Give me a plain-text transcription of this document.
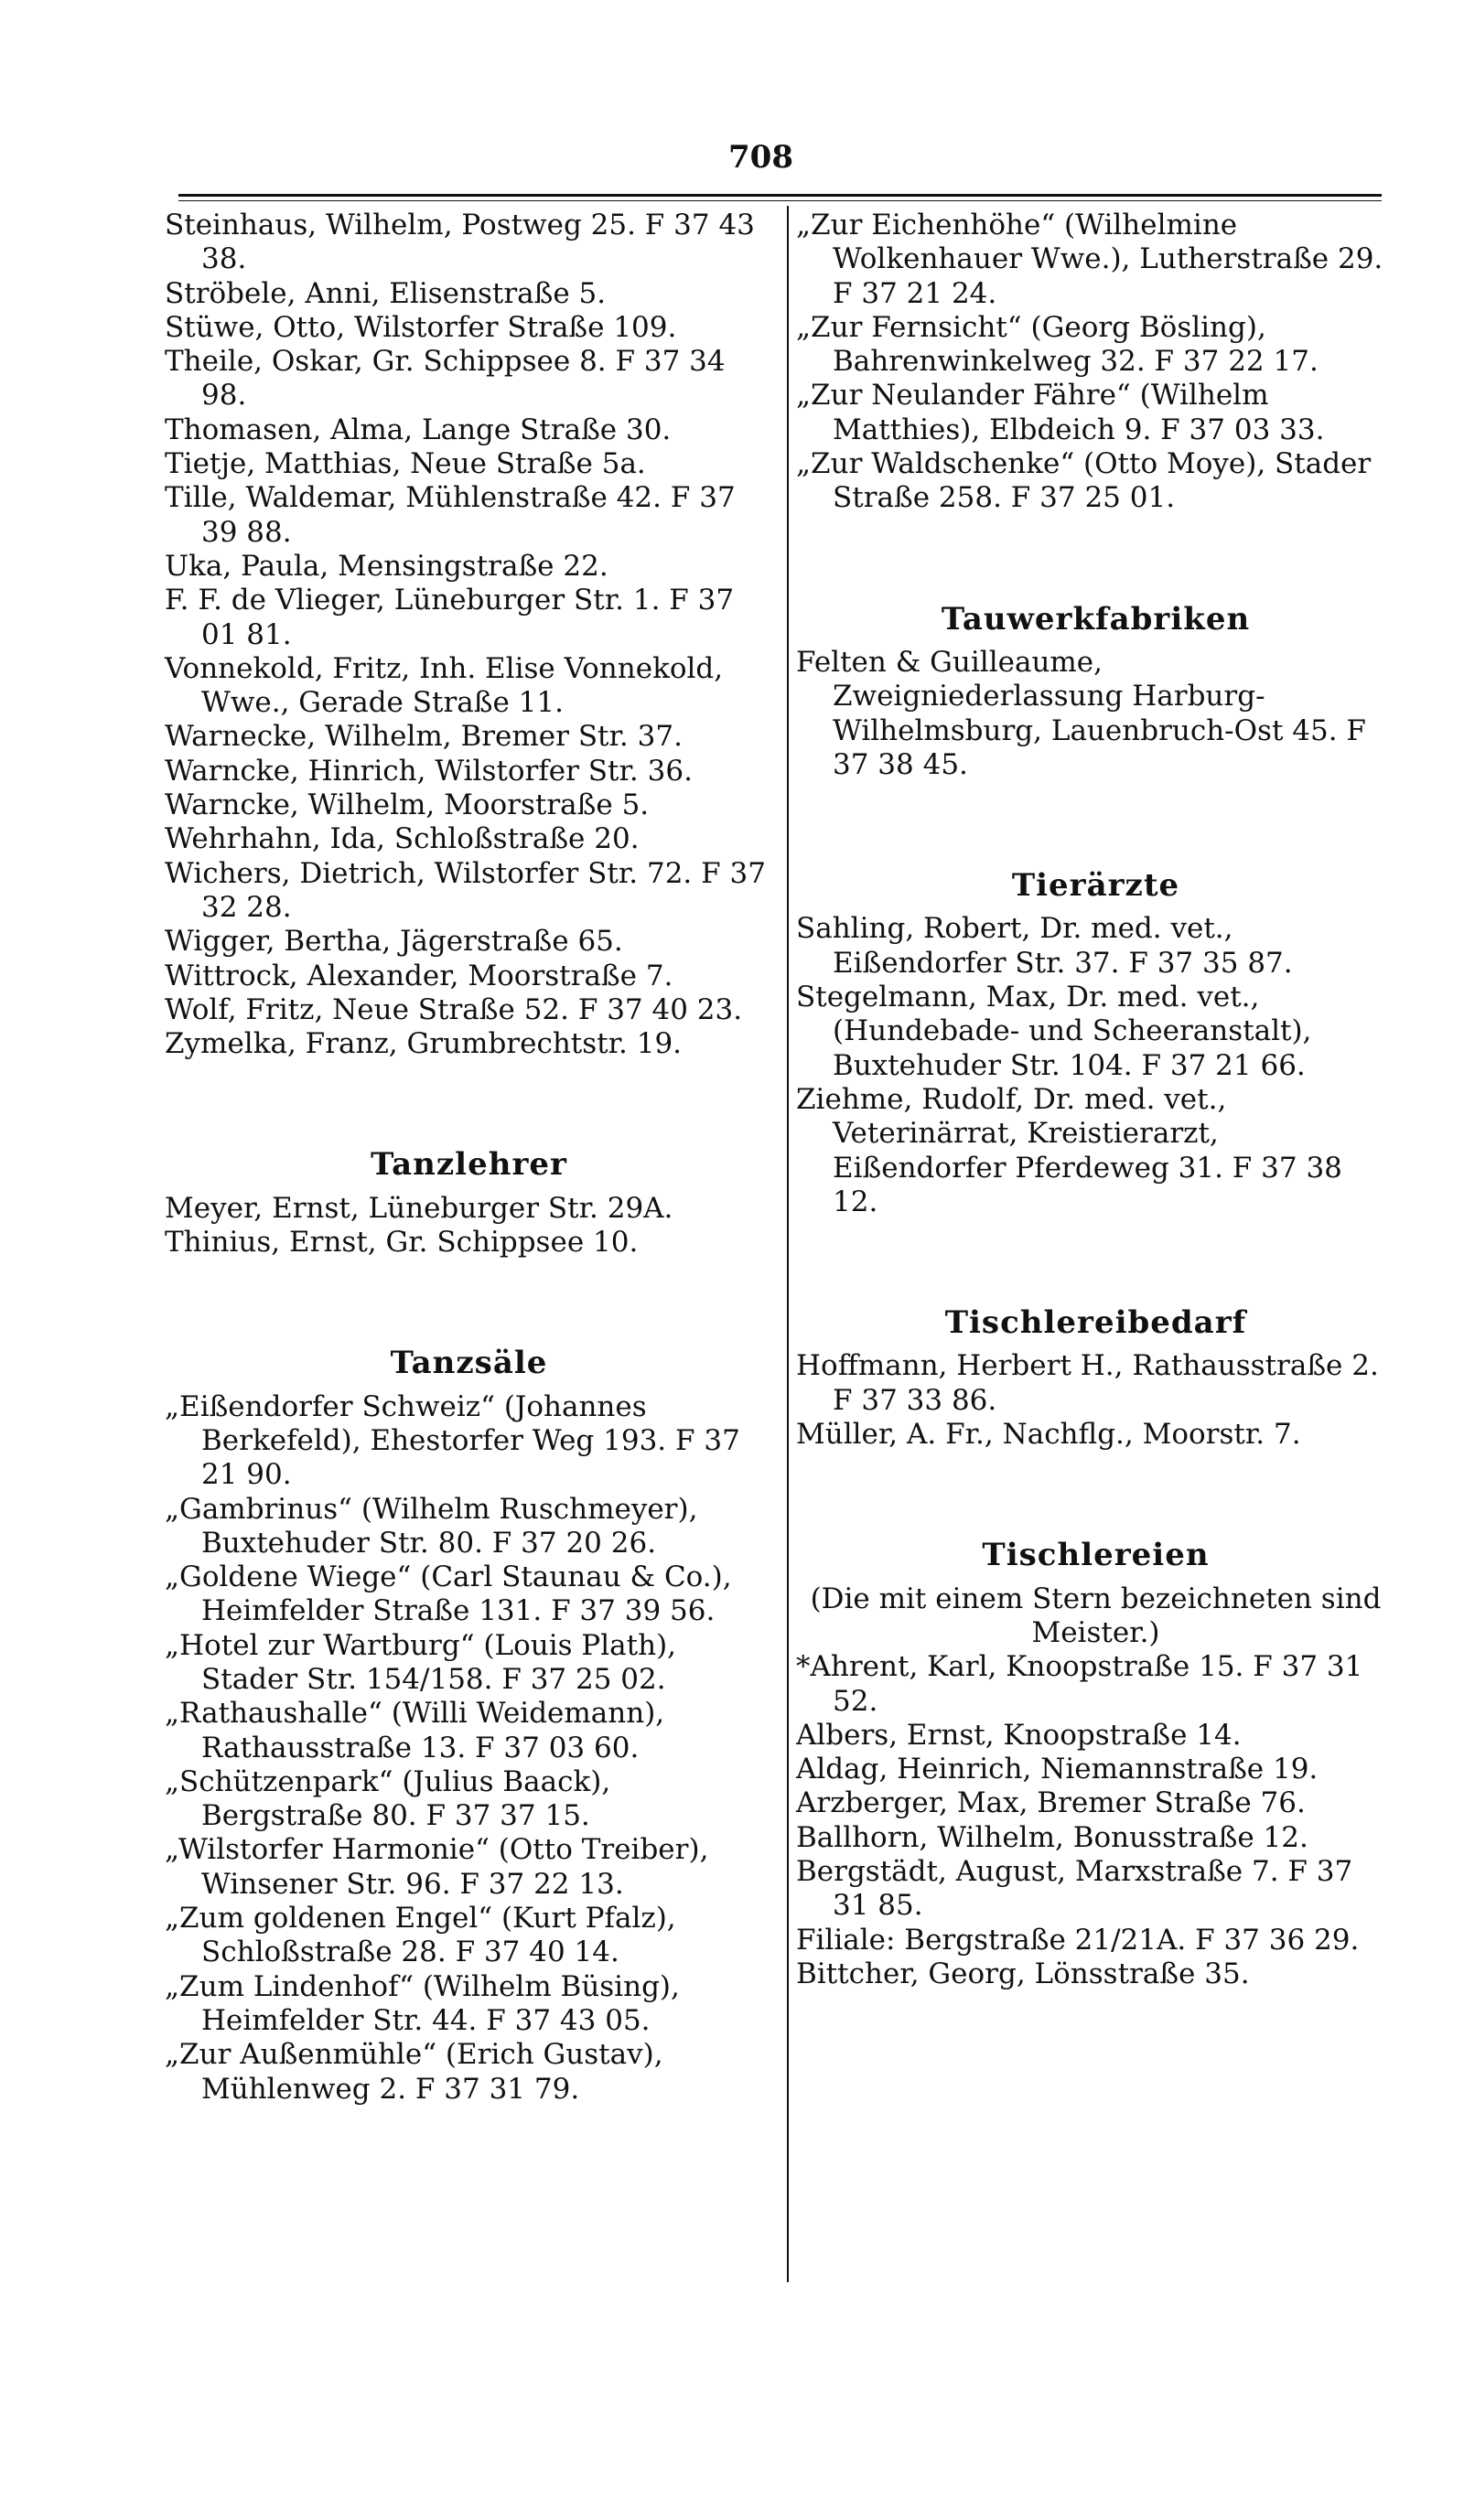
708
Steinhaus, Wilhelm, Postweg 25. F 37 43 38.
Ströbele, Anni, Elisenstraße 5.
Stüwe, Otto, Wilstorfer Straße 109.
Theile, Oskar, Gr. Schippsee 8. F 37 34 98.
Thomasen, Alma, Lange Straße 30.
Tietje, Matthias, Neue Straße 5a.
Tille, Waldemar, Mühlenstraße 42. F 37 39 88.
Uka, Paula, Mensingstraße 22.
F. F. de Vlieger, Lüneburger Str. 1. F 37 01 81.
Vonnekold, Fritz, Inh. Elise Vonnekold, Wwe., Gerade Straße 11.
Warnecke, Wilhelm, Bremer Str. 37.
Warncke, Hinrich, Wilstorfer Str. 36.
Warncke, Wilhelm, Moorstraße 5.
Wehrhahn, Ida, Schloßstraße 20.
Wichers, Dietrich, Wilstorfer Str. 72. F 37 32 28.
Wigger, Bertha, Jägerstraße 65.
Wittrock, Alexander, Moorstraße 7.
Wolf, Fritz, Neue Straße 52. F 37 40 23.
Zymelka, Franz, Grumbrechtstr. 19.
Tanzlehrer
Meyer, Ernst, Lüneburger Str. 29A.
Thinius, Ernst, Gr. Schippsee 10.
Tanzsäle
„Eißendorfer Schweiz“ (Johannes Berkefeld), Ehestorfer Weg 193. F 37 21 90.
„Gambrinus“ (Wilhelm Ruschmeyer), Buxtehuder Str. 80. F 37 20 26.
„Goldene Wiege“ (Carl Staunau & Co.), Heimfelder Straße 131. F 37 39 56.
„Hotel zur Wartburg“ (Louis Plath), Stader Str. 154/158. F 37 25 02.
„Rathaushalle“ (Willi Weidemann), Rathausstraße 13. F 37 03 60.
„Schützenpark“ (Julius Baack), Bergstraße 80. F 37 37 15.
„Wilstorfer Harmonie“ (Otto Treiber), Winsener Str. 96. F 37 22 13.
„Zum goldenen Engel“ (Kurt Pfalz), Schloßstraße 28. F 37 40 14.
„Zum Lindenhof“ (Wilhelm Büsing), Heimfelder Str. 44. F 37 43 05.
„Zur Außenmühle“ (Erich Gustav), Mühlenweg 2. F 37 31 79.
„Zur Eichenhöhe“ (Wilhelmine Wolkenhauer Wwe.), Lutherstraße 29. F 37 21 24.
„Zur Fernsicht“ (Georg Bösling), Bahrenwinkelweg 32. F 37 22 17.
„Zur Neulander Fähre“ (Wilhelm Matthies), Elbdeich 9. F 37 03 33.
„Zur Waldschenke“ (Otto Moye), Stader Straße 258. F 37 25 01.
Tauwerkfabriken
Felten & Guilleaume, Zweigniederlassung Harburg-Wilhelmsburg, Lauenbruch-Ost 45. F 37 38 45.
Tierärzte
Sahling, Robert, Dr. med. vet., Eißendorfer Str. 37. F 37 35 87.
Stegelmann, Max, Dr. med. vet., (Hundebade- und Scheeranstalt), Buxtehuder Str. 104. F 37 21 66.
Ziehme, Rudolf, Dr. med. vet., Veterinärrat, Kreistierarzt, Eißendorfer Pferdeweg 31. F 37 38 12.
Tischlereibedarf
Hoffmann, Herbert H., Rathausstraße 2. F 37 33 86.
Müller, A. Fr., Nachflg., Moorstr. 7.
Tischlereien
(Die mit einem Stern bezeichneten sind Meister.)
*Ahrent, Karl, Knoopstraße 15. F 37 31 52.
Albers, Ernst, Knoopstraße 14.
Aldag, Heinrich, Niemannstraße 19.
Arzberger, Max, Bremer Straße 76.
Ballhorn, Wilhelm, Bonusstraße 12.
Bergstädt, August, Marxstraße 7. F 37 31 85.
Filiale: Bergstraße 21/21A. F 37 36 29.
Bittcher, Georg, Lönsstraße 35.
